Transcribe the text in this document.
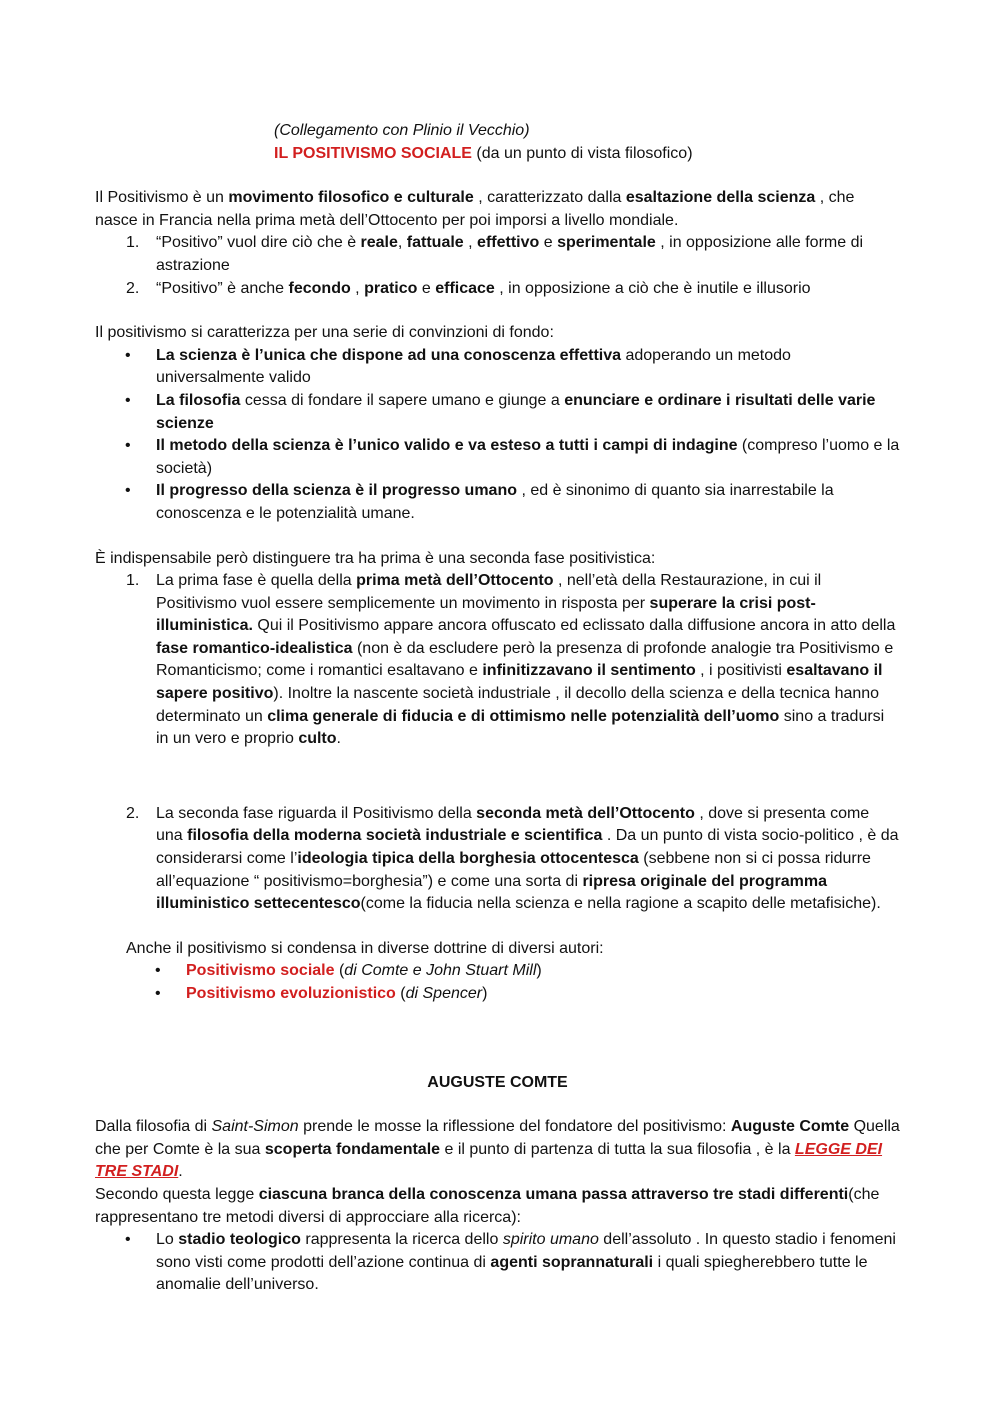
(Collegamento con Plinio il Vecchio)

IL POSITIVISMO SOCIALE (da un punto di vista filosofico)

Il Positivismo è un movimento filosofico e culturale , caratterizzato dalla esaltazione della scienza , che nasce in Francia nella prima metà dell’Ottocento per poi imporsi a livello mondiale.

1. “Positivo” vuol dire ciò che è reale, fattuale , effettivo e sperimentale , in opposizione alle forme di astrazione
2. “Positivo” è anche fecondo , pratico e efficace , in opposizione a ciò che è inutile e illusorio

Il positivismo si caratterizza per una serie di convinzioni di fondo:

• La scienza è l’unica che dispone ad una conoscenza effettiva adoperando un metodo universalmente valido
• La filosofia cessa di fondare il sapere umano e giunge a enunciare e ordinare i risultati delle varie scienze
• Il metodo della scienza è l’unico valido e va esteso a tutti i campi di indagine (compreso l’uomo e la società)
• Il progresso della scienza è il progresso umano , ed è sinonimo di quanto sia inarrestabile la conoscenza e le potenzialità umane.

È indispensabile però distinguere tra ha prima è una seconda fase positivistica:

1. La prima fase è quella della prima metà dell’Ottocento , nell’età della Restaurazione, in cui il Positivismo vuol essere semplicemente un movimento in risposta per superare la crisi post-illuministica. Qui il Positivismo appare ancora offuscato ed eclissato dalla diffusione ancora in atto della fase romantico-idealistica (non è da escludere però la presenza di profonde analogie tra Positivismo e Romanticismo; come i romantici esaltavano e infinitizzavano il sentimento , i positivisti esaltavano il sapere positivo). Inoltre la nascente società industriale , il decollo della scienza e della tecnica hanno determinato un clima generale di fiducia e di ottimismo nelle potenzialità dell’uomo sino a tradursi in un vero e proprio culto.
2. La seconda fase riguarda il Positivismo della seconda metà dell’Ottocento , dove si presenta come una filosofia della moderna società industriale e scientifica . Da un punto di vista socio-politico , è da considerarsi come l’ideologia tipica della borghesia ottocentesca (sebbene non si ci possa ridurre all’equazione “ positivismo=borghesia”) e come una sorta di ripresa originale del programma illuministico settecentesco(come la fiducia nella scienza e nella ragione a scapito delle metafisiche).

Anche il positivismo si condensa in diverse dottrine di diversi autori:

• Positivismo sociale (di Comte e John Stuart Mill)
• Positivismo evoluzionistico (di Spencer)

AUGUSTE COMTE

Dalla filosofia di Saint-Simon prende le mosse la riflessione del fondatore del positivismo: Auguste Comte Quella che per Comte è la sua scoperta fondamentale e il punto di partenza di tutta la sua filosofia , è la LEGGE DEI TRE STADI.

Secondo questa legge ciascuna branca della conoscenza umana passa attraverso tre stadi differenti(che rappresentano tre metodi diversi di approcciare alla ricerca):

• Lo stadio teologico rappresenta la ricerca dello spirito umano dell’assoluto . In questo stadio i fenomeni sono visti come prodotti dell’azione continua di agenti soprannaturali i quali spiegherebbero tutte le anomalie dell’universo.
